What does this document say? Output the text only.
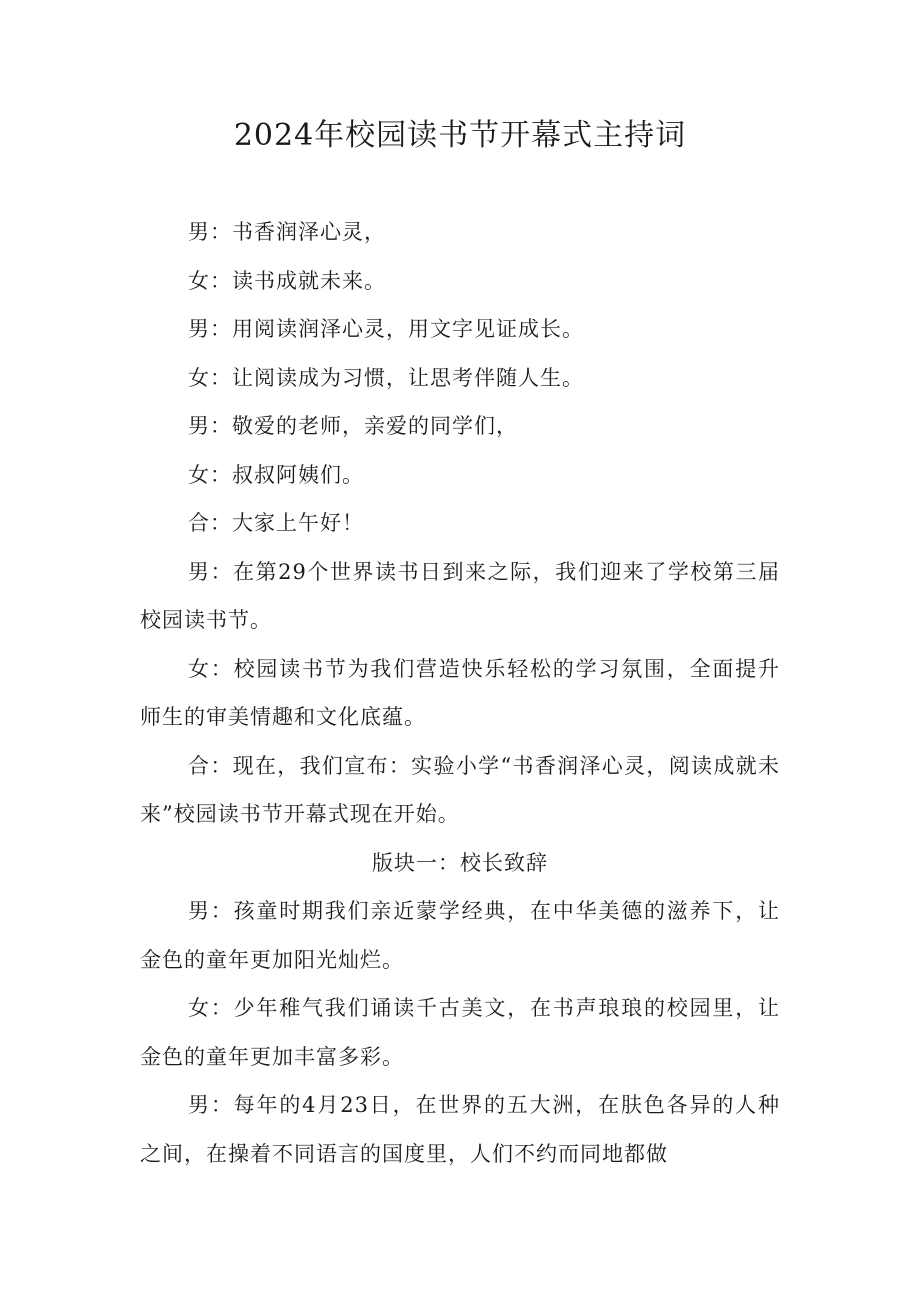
2024年校园读书节开幕式主持词

男：书香润泽心灵，

女：读书成就未来。

男：用阅读润泽心灵，用文字见证成长。

女：让阅读成为习惯，让思考伴随人生。

男：敬爱的老师，亲爱的同学们，

女：叔叔阿姨们。

合：大家上午好！

男：在第29个世界读书日到来之际，我们迎来了学校第三届校园读书节。

女：校园读书节为我们营造快乐轻松的学习氛围，全面提升师生的审美情趣和文化底蕴。

合：现在，我们宣布：实验小学“书香润泽心灵，阅读成就未来”校园读书节开幕式现在开始。

版块一：校长致辞

男：孩童时期我们亲近蒙学经典，在中华美德的滋养下，让金色的童年更加阳光灿烂。

女：少年稚气我们诵读千古美文，在书声琅琅的校园里，让金色的童年更加丰富多彩。

男：每年的4月23日，在世界的五大洲，在肤色各异的人种之间，在操着不同语言的国度里，人们不约而同地都做
